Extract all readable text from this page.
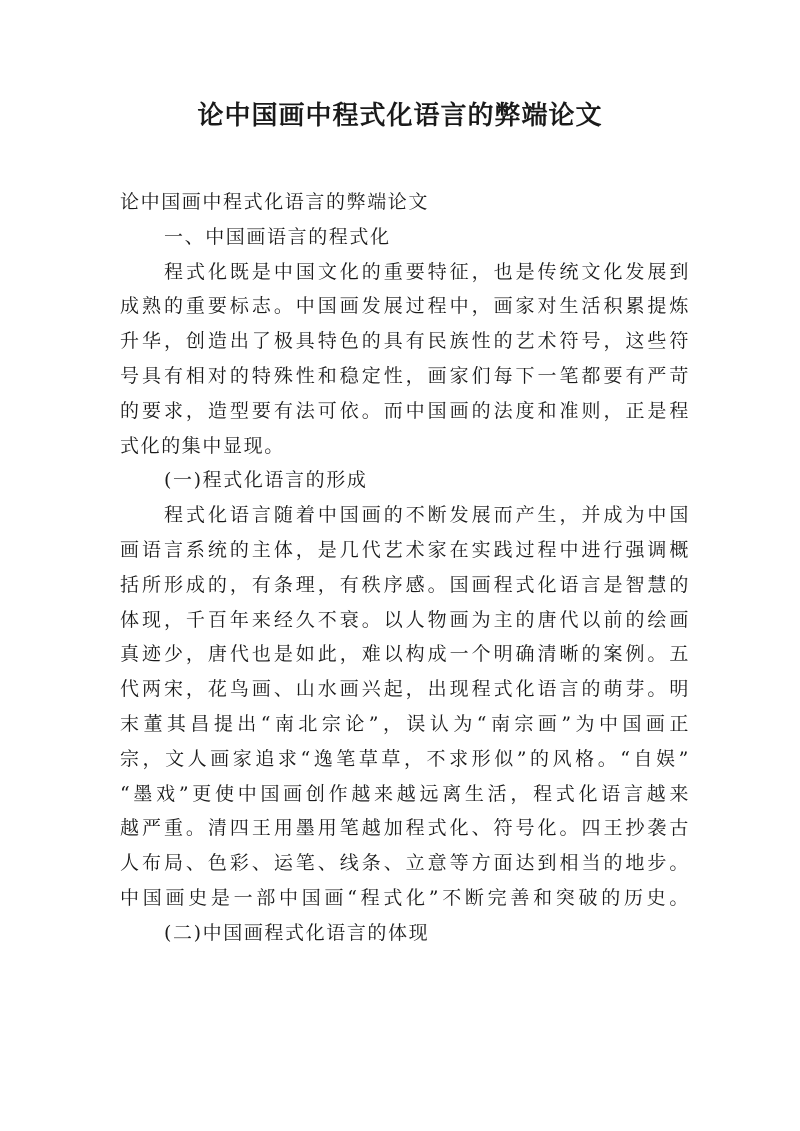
论中国画中程式化语言的弊端论文
论中国画中程式化语言的弊端论文
一、中国画语言的程式化
程式化既是中国文化的重要特征，也是传统文化发展到
成熟的重要标志。中国画发展过程中，画家对生活积累提炼
升华，创造出了极具特色的具有民族性的艺术符号，这些符
号具有相对的特殊性和稳定性，画家们每下一笔都要有严苛
的要求，造型要有法可依。而中国画的法度和准则，正是程
式化的集中显现。
(一)程式化语言的形成
程式化语言随着中国画的不断发展而产生，并成为中国
画语言系统的主体，是几代艺术家在实践过程中进行强调概
括所形成的，有条理，有秩序感。国画程式化语言是智慧的
体现，千百年来经久不衰。以人物画为主的唐代以前的绘画
真迹少，唐代也是如此，难以构成一个明确清晰的案例。五
代两宋，花鸟画、山水画兴起，出现程式化语言的萌芽。明
末董其昌提出“南北宗论”，误认为“南宗画”为中国画正
宗，文人画家追求“逸笔草草，不求形似”的风格。“自娱”
“墨戏”更使中国画创作越来越远离生活，程式化语言越来
越严重。清四王用墨用笔越加程式化、符号化。四王抄袭古
人布局、色彩、运笔、线条、立意等方面达到相当的地步。
中国画史是一部中国画“程式化”不断完善和突破的历史。
(二)中国画程式化语言的体现
